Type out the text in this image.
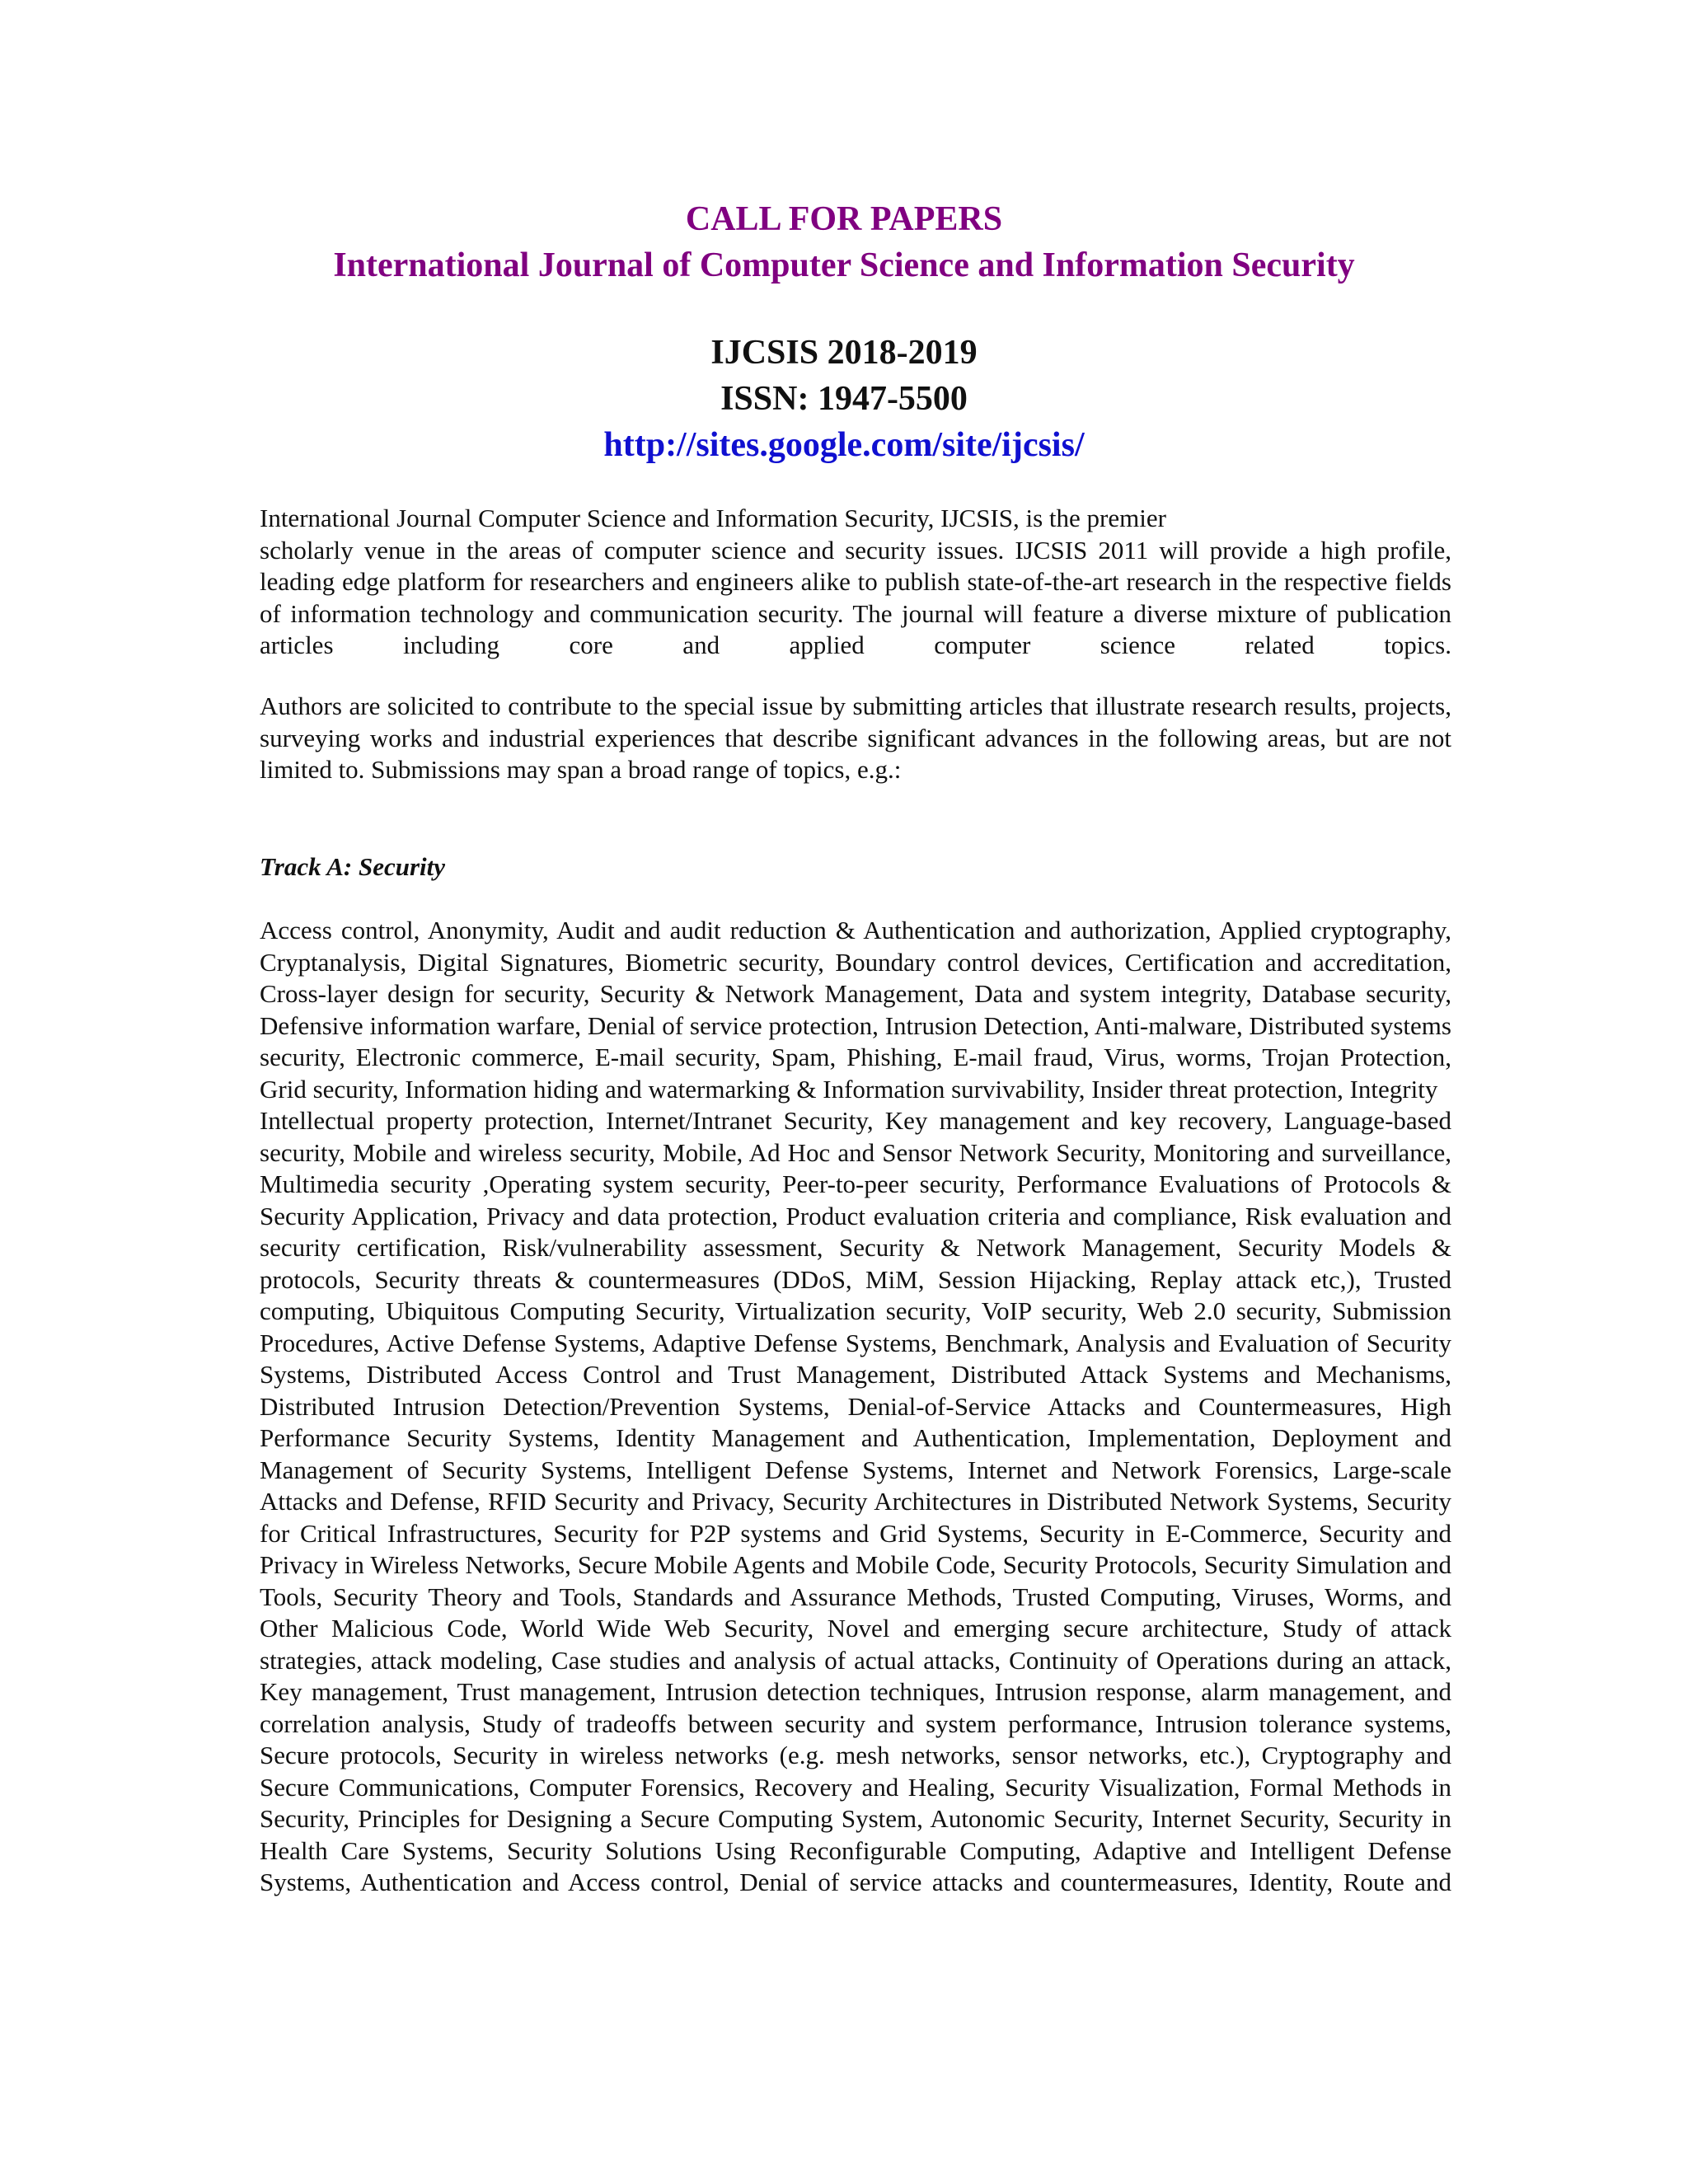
CALL FOR PAPERS
International Journal of Computer Science and Information Security
IJCSIS 2018-2019
ISSN: 1947-5500
http://sites.google.com/site/ijcsis/
International Journal Computer Science and Information Security, IJCSIS, is the premier
scholarly venue in the areas of computer science and security issues. IJCSIS 2011 will provide a high profile, leading edge platform for researchers and engineers alike to publish state-of-the-art research in the respective fields of information technology and communication security. The journal will feature a diverse mixture of publication articles including core and applied computer science related topics.
Authors are solicited to contribute to the special issue by submitting articles that illustrate research results, projects, surveying works and industrial experiences that describe significant advances in the following areas, but are not limited to. Submissions may span a broad range of topics, e.g.:
Track A: Security

Access control, Anonymity, Audit and audit reduction & Authentication and authorization, Applied cryptography, Cryptanalysis, Digital Signatures, Biometric security, Boundary control devices, Certification and accreditation, Cross-layer design for security, Security & Network Management, Data and system integrity, Database security, Defensive information warfare, Denial of service protection, Intrusion Detection, Anti-malware, Distributed systems security, Electronic commerce, E-mail security, Spam, Phishing, E-mail fraud, Virus, worms, Trojan Protection, Grid security, Information hiding and watermarking & Information survivability, Insider threat protection, Integrity

Intellectual property protection, Internet/Intranet Security, Key management and key recovery, Language-based security, Mobile and wireless security, Mobile, Ad Hoc and Sensor Network Security, Monitoring and surveillance, Multimedia security ,Operating system security, Peer-to-peer security, Performance Evaluations of Protocols & Security Application, Privacy and data protection, Product evaluation criteria and compliance, Risk evaluation and security certification, Risk/vulnerability assessment, Security & Network Management, Security Models & protocols, Security threats & countermeasures (DDoS, MiM, Session Hijacking, Replay attack etc,), Trusted computing, Ubiquitous Computing Security, Virtualization security, VoIP security, Web 2.0 security, Submission Procedures, Active Defense Systems, Adaptive Defense Systems, Benchmark, Analysis and Evaluation of Security Systems, Distributed Access Control and Trust Management, Distributed Attack Systems and Mechanisms, Distributed Intrusion Detection/Prevention Systems, Denial-of-Service Attacks and Countermeasures, High Performance Security Systems, Identity Management and Authentication, Implementation, Deployment and Management of Security Systems, Intelligent Defense Systems, Internet and Network Forensics, Large-scale Attacks and Defense, RFID Security and Privacy, Security Architectures in Distributed Network Systems, Security for Critical Infrastructures, Security for P2P systems and Grid Systems, Security in E-Commerce, Security and Privacy in Wireless Networks, Secure Mobile Agents and Mobile Code, Security Protocols, Security Simulation and Tools, Security Theory and Tools, Standards and Assurance Methods, Trusted Computing, Viruses, Worms, and Other Malicious Code, World Wide Web Security, Novel and emerging secure architecture, Study of attack strategies, attack modeling, Case studies and analysis of actual attacks, Continuity of Operations during an attack, Key management, Trust management, Intrusion detection techniques, Intrusion response, alarm management, and correlation analysis, Study of tradeoffs between security and system performance, Intrusion tolerance systems, Secure protocols, Security in wireless networks (e.g. mesh networks, sensor networks, etc.), Cryptography and Secure Communications, Computer Forensics, Recovery and Healing, Security Visualization, Formal Methods in Security, Principles for Designing a Secure Computing System, Autonomic Security, Internet Security, Security in Health Care Systems, Security Solutions Using Reconfigurable Computing, Adaptive and Intelligent Defense Systems, Authentication and Access control, Denial of service attacks and countermeasures, Identity, Route and
